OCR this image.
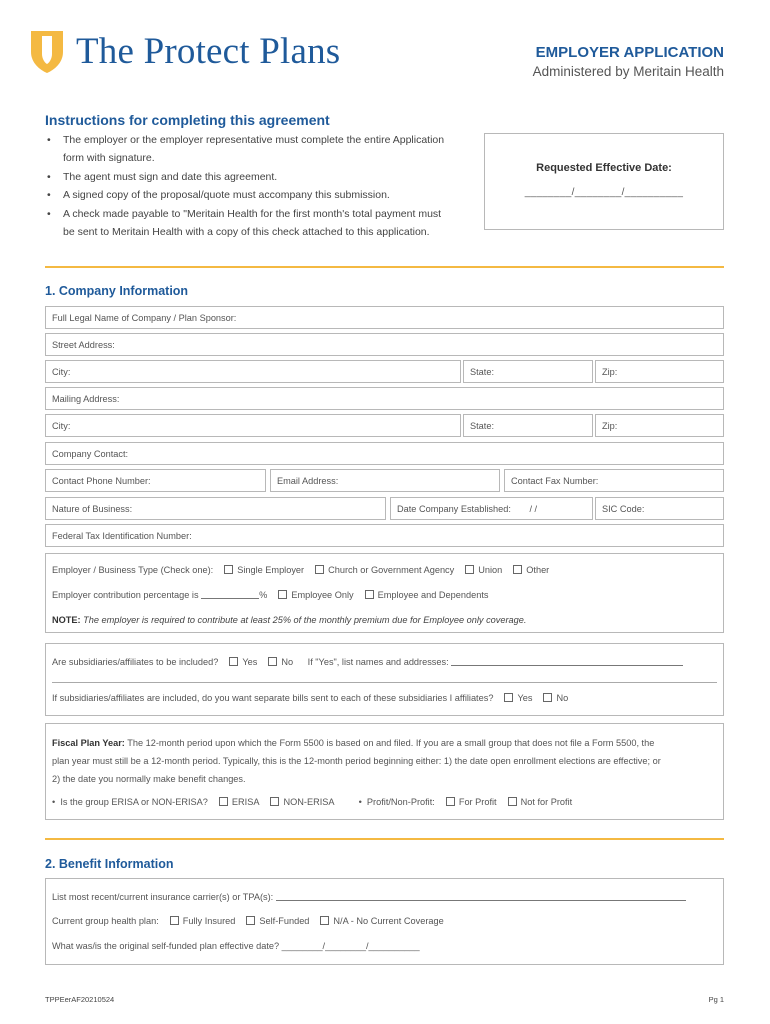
The Protect Plans	EMPLOYER APPLICATION
Administered by Meritain Health
Instructions for completing this agreement
• The employer or the employer representative must complete the entire Application form with signature.
• The agent must sign and date this agreement.
• A signed copy of the proposal/quote must accompany this submission.
• A check made payable to "Meritain Health for the first month's total payment must be sent to Meritain Health with a copy of this check attached to this application.
Requested Effective Date:
________/________/__________
1. Company Information
Full Legal Name of Company / Plan Sponsor:
Street Address:
City:	State:	Zip:
Mailing Address:
City:	State:	Zip:
Company Contact:
Contact Phone Number:	Email Address:	Contact Fax Number:
Nature of Business:	Date Company Established: / /	SIC Code:
Federal Tax Identification Number:
Employer / Business Type (Check one):	Single Employer	Church or Government Agency	Union	Other
Employer contribution percentage is	%	Employee Only	Employee and Dependents
NOTE: The employer is required to contribute at least 25% of the monthly premium due for Employee only coverage.
Are subsidiaries/affiliates to be included?	Yes	No If "Yes", list names and addresses:
If subsidiaries/affiliates are included, do you want separate bills sent to each of these subsidiaries I affiliates?	Yes	No
Fiscal Plan Year: The 12-month period upon which the Form 5500 is based on and filed. If you are a small group that does not file a Form 5500, the
plan year must still be a 12-month period. Typically, this is the 12-month period beginning either: 1) the date open enrollment elections are effective; or
2) the date you normally make benefit changes.
•  Is the group ERISA or NON-ERISA?	ERISA	NON-ERISA	•  Profit/Non-Profit:	For Profit	Not for Profit
2. Benefit Information
List most recent/current insurance carrier(s) or TPA(s):
Current group health plan:	Fully Insured	Self-Funded	N/A - No Current Coverage
What was/is the original self-funded plan effective date? ________/________/__________
TPPEerAF20210524	Pg 1
